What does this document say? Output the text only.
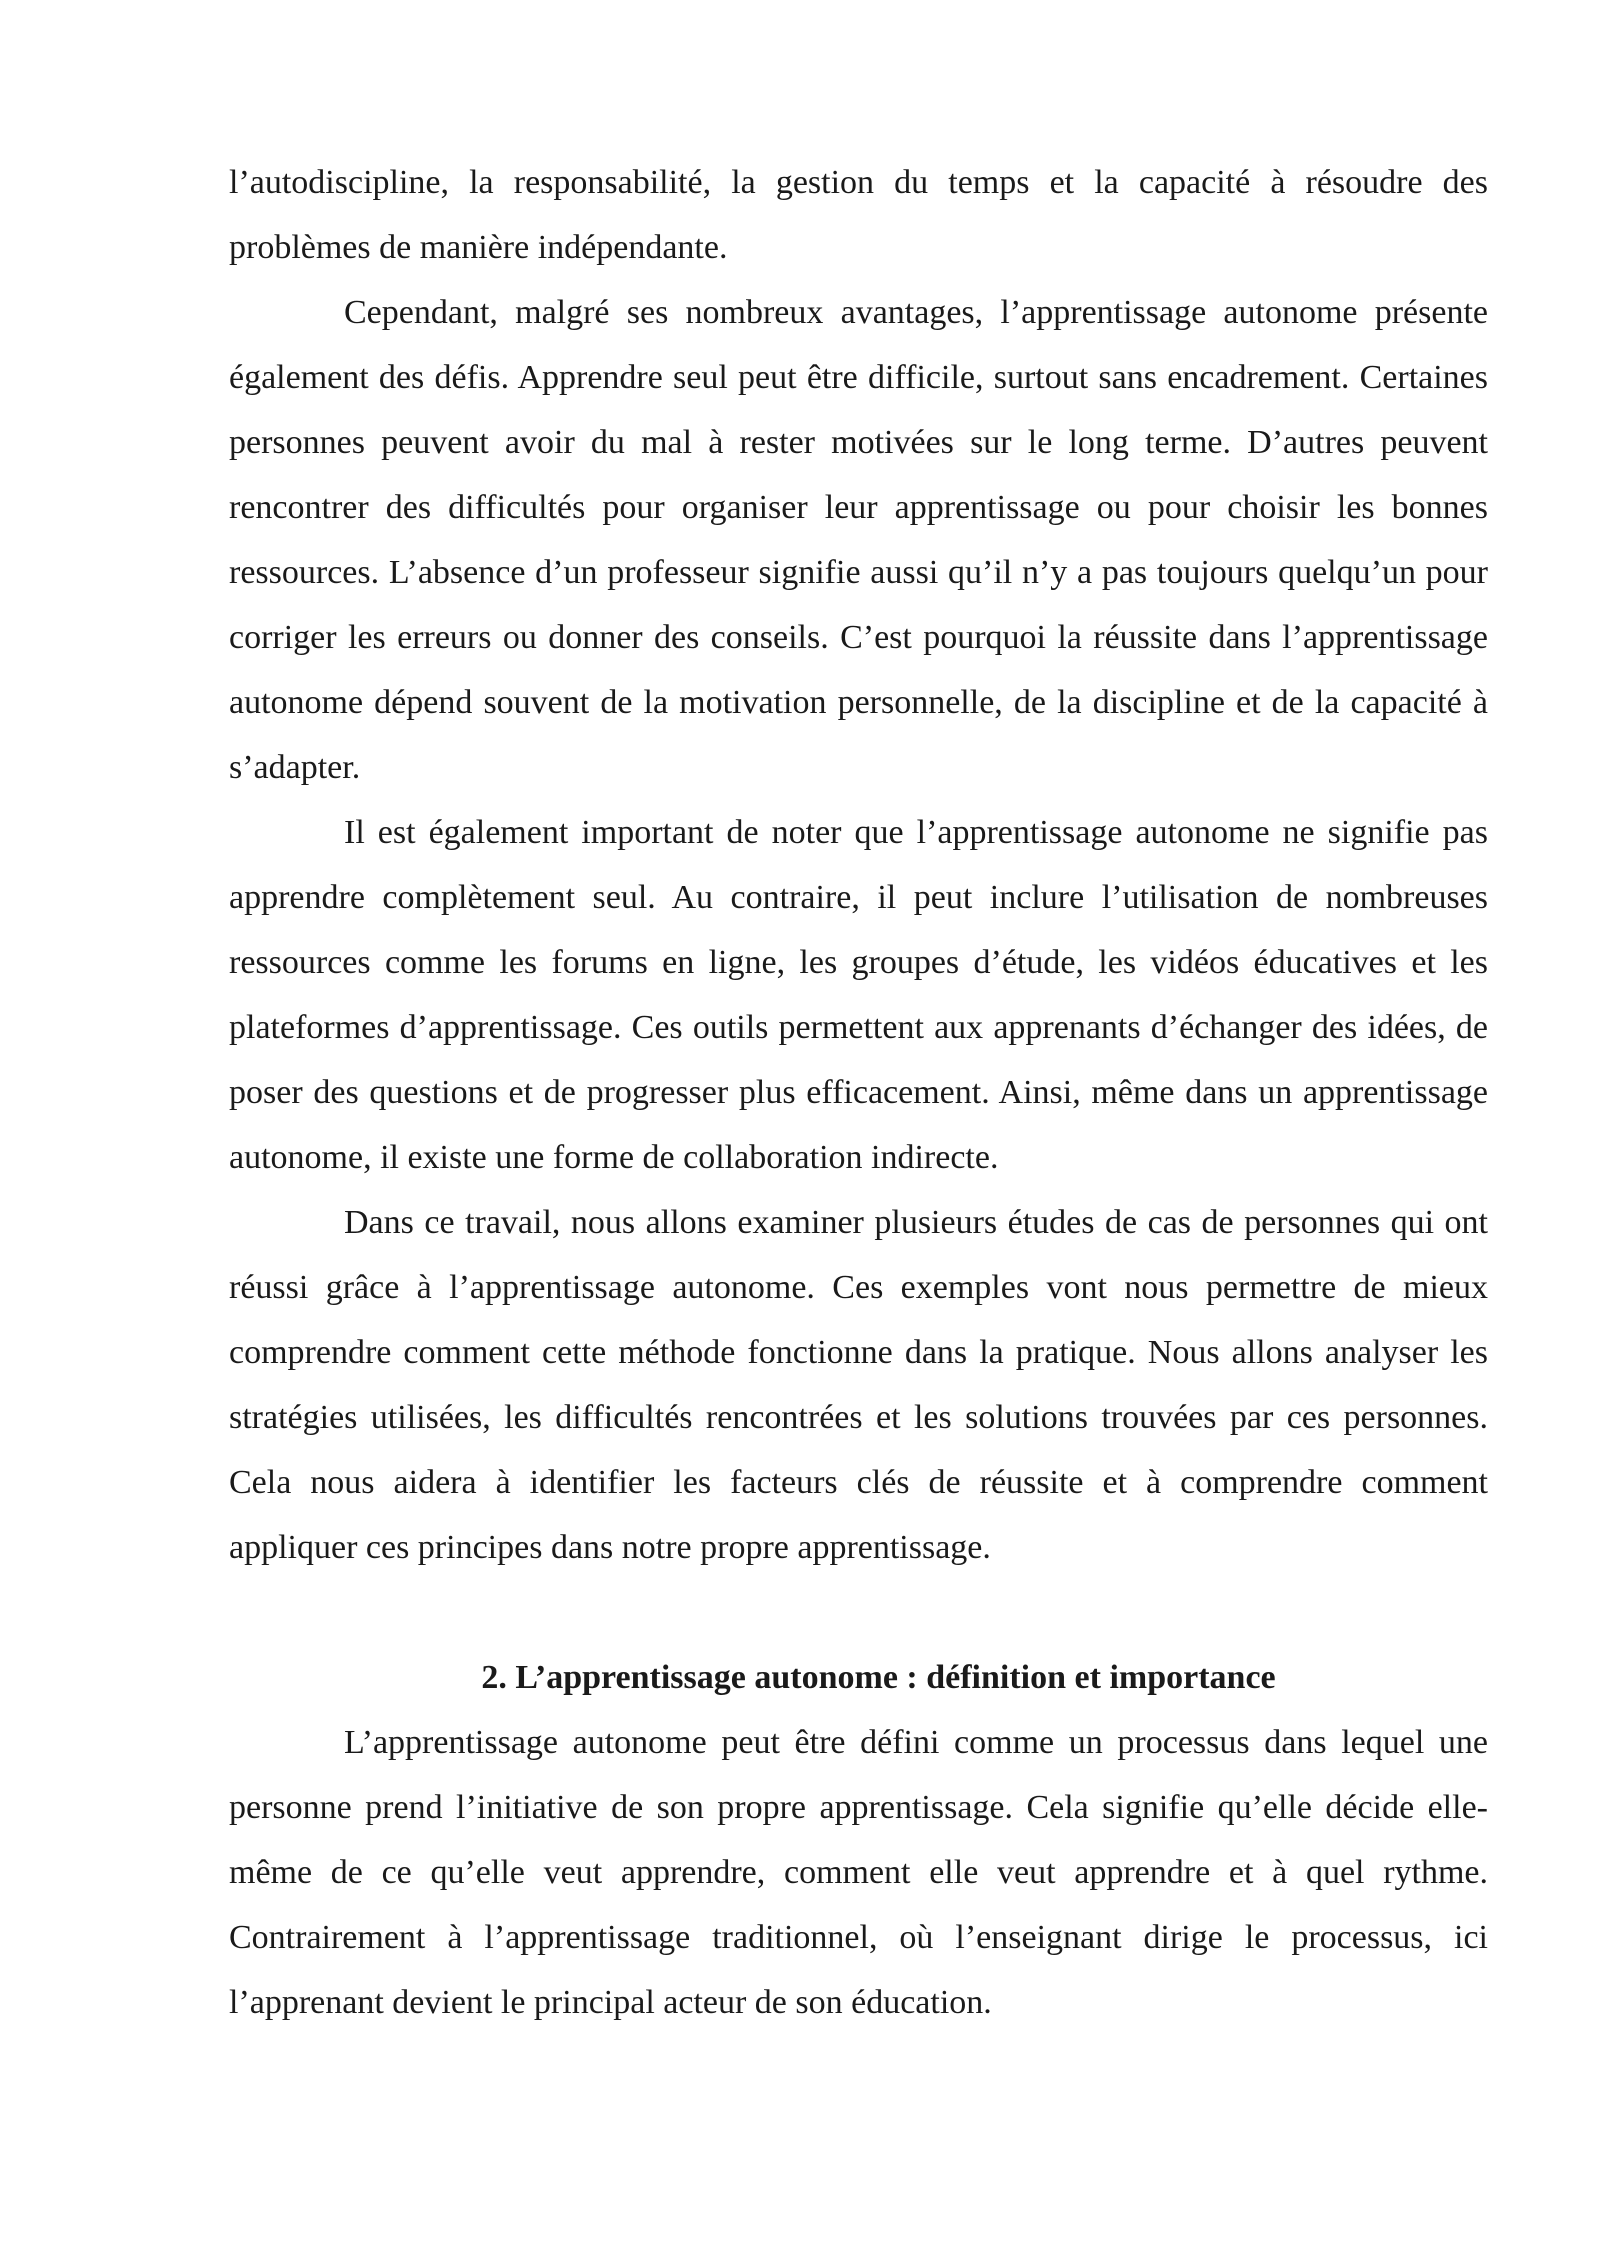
l’autodiscipline, la responsabilité, la gestion du temps et la capacité à résoudre des problèmes de manière indépendante.

Cependant, malgré ses nombreux avantages, l’apprentissage autonome présente également des défis. Apprendre seul peut être difficile, surtout sans encadrement. Certaines personnes peuvent avoir du mal à rester motivées sur le long terme. D’autres peuvent rencontrer des difficultés pour organiser leur apprentissage ou pour choisir les bonnes ressources. L’absence d’un professeur signifie aussi qu’il n’y a pas toujours quelqu’un pour corriger les erreurs ou donner des conseils. C’est pourquoi la réussite dans l’apprentissage autonome dépend souvent de la motivation personnelle, de la discipline et de la capacité à s’adapter.

Il est également important de noter que l’apprentissage autonome ne signifie pas apprendre complètement seul. Au contraire, il peut inclure l’utilisation de nombreuses ressources comme les forums en ligne, les groupes d’étude, les vidéos éducatives et les plateformes d’apprentissage. Ces outils permettent aux apprenants d’échanger des idées, de poser des questions et de progresser plus efficacement. Ainsi, même dans un apprentissage autonome, il existe une forme de collaboration indirecte.

Dans ce travail, nous allons examiner plusieurs études de cas de personnes qui ont réussi grâce à l’apprentissage autonome. Ces exemples vont nous permettre de mieux comprendre comment cette méthode fonctionne dans la pratique. Nous allons analyser les stratégies utilisées, les difficultés rencontrées et les solutions trouvées par ces personnes. Cela nous aidera à identifier les facteurs clés de réussite et à comprendre comment appliquer ces principes dans notre propre apprentissage.

2. L’apprentissage autonome : définition et importance

L’apprentissage autonome peut être défini comme un processus dans lequel une personne prend l’initiative de son propre apprentissage. Cela signifie qu’elle décide elle-même de ce qu’elle veut apprendre, comment elle veut apprendre et à quel rythme. Contrairement à l’apprentissage traditionnel, où l’enseignant dirige le processus, ici l’apprenant devient le principal acteur de son éducation.
